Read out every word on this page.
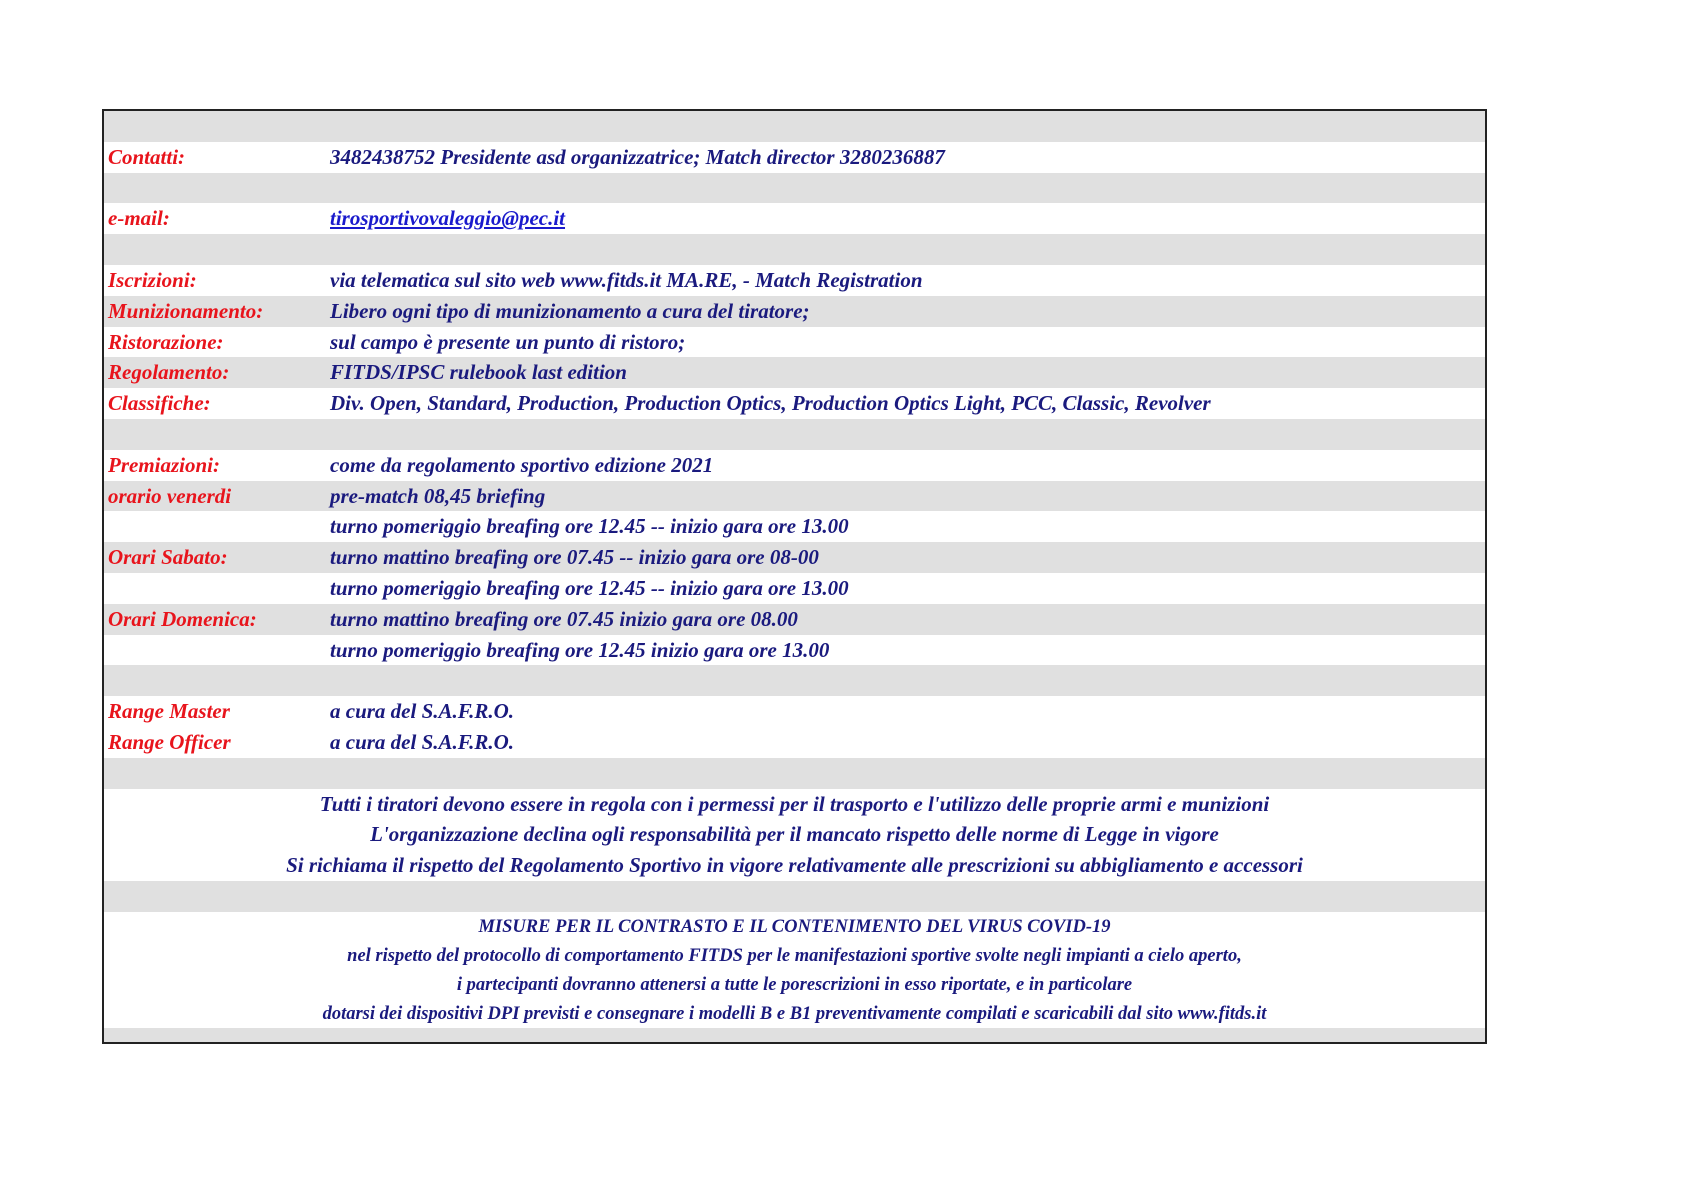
Contatti:	3482438752 Presidente asd organizzatrice; Match director 3280236887
e-mail:	tirosportivovaleggio@pec.it
Iscrizioni:	via telematica sul sito web www.fitds.it MA.RE, - Match Registration
Munizionamento:	Libero ogni tipo di munizionamento a cura del tiratore;
Ristorazione:	sul campo è presente un punto di ristoro;
Regolamento:	FITDS/IPSC rulebook last edition
Classifiche:	Div. Open, Standard, Production, Production Optics, Production Optics Light, PCC, Classic, Revolver
Premiazioni:	come da regolamento sportivo edizione 2021
orario venerdi	pre-match 08,45 briefing
turno pomeriggio breafing ore 12.45 -- inizio gara ore 13.00
Orari Sabato:	turno mattino breafing ore 07.45 -- inizio gara ore 08-00
turno pomeriggio breafing ore 12.45 -- inizio gara ore 13.00
Orari Domenica:	turno mattino breafing ore 07.45 inizio gara ore 08.00
turno pomeriggio breafing ore 12.45 inizio gara ore 13.00
Range Master	a cura del S.A.F.R.O.
Range Officer	a cura del S.A.F.R.O.
Tutti i tiratori devono essere in regola con i permessi per il trasporto e l'utilizzo delle proprie armi e munizioni
L'organizzazione declina ogli responsabilità per il mancato rispetto delle norme di Legge in vigore
Si richiama il rispetto del Regolamento Sportivo in vigore relativamente alle prescrizioni su abbigliamento e accessori
MISURE PER IL CONTRASTO E IL CONTENIMENTO DEL VIRUS COVID-19
nel rispetto del protocollo di comportamento FITDS per le manifestazioni sportive svolte negli impianti a cielo aperto,
i partecipanti dovranno attenersi a tutte le porescrizioni in esso riportate, e in particolare
dotarsi dei dispositivi DPI previsti e consegnare i modelli B e B1 preventivamente compilati e scaricabili dal sito www.fitds.it
